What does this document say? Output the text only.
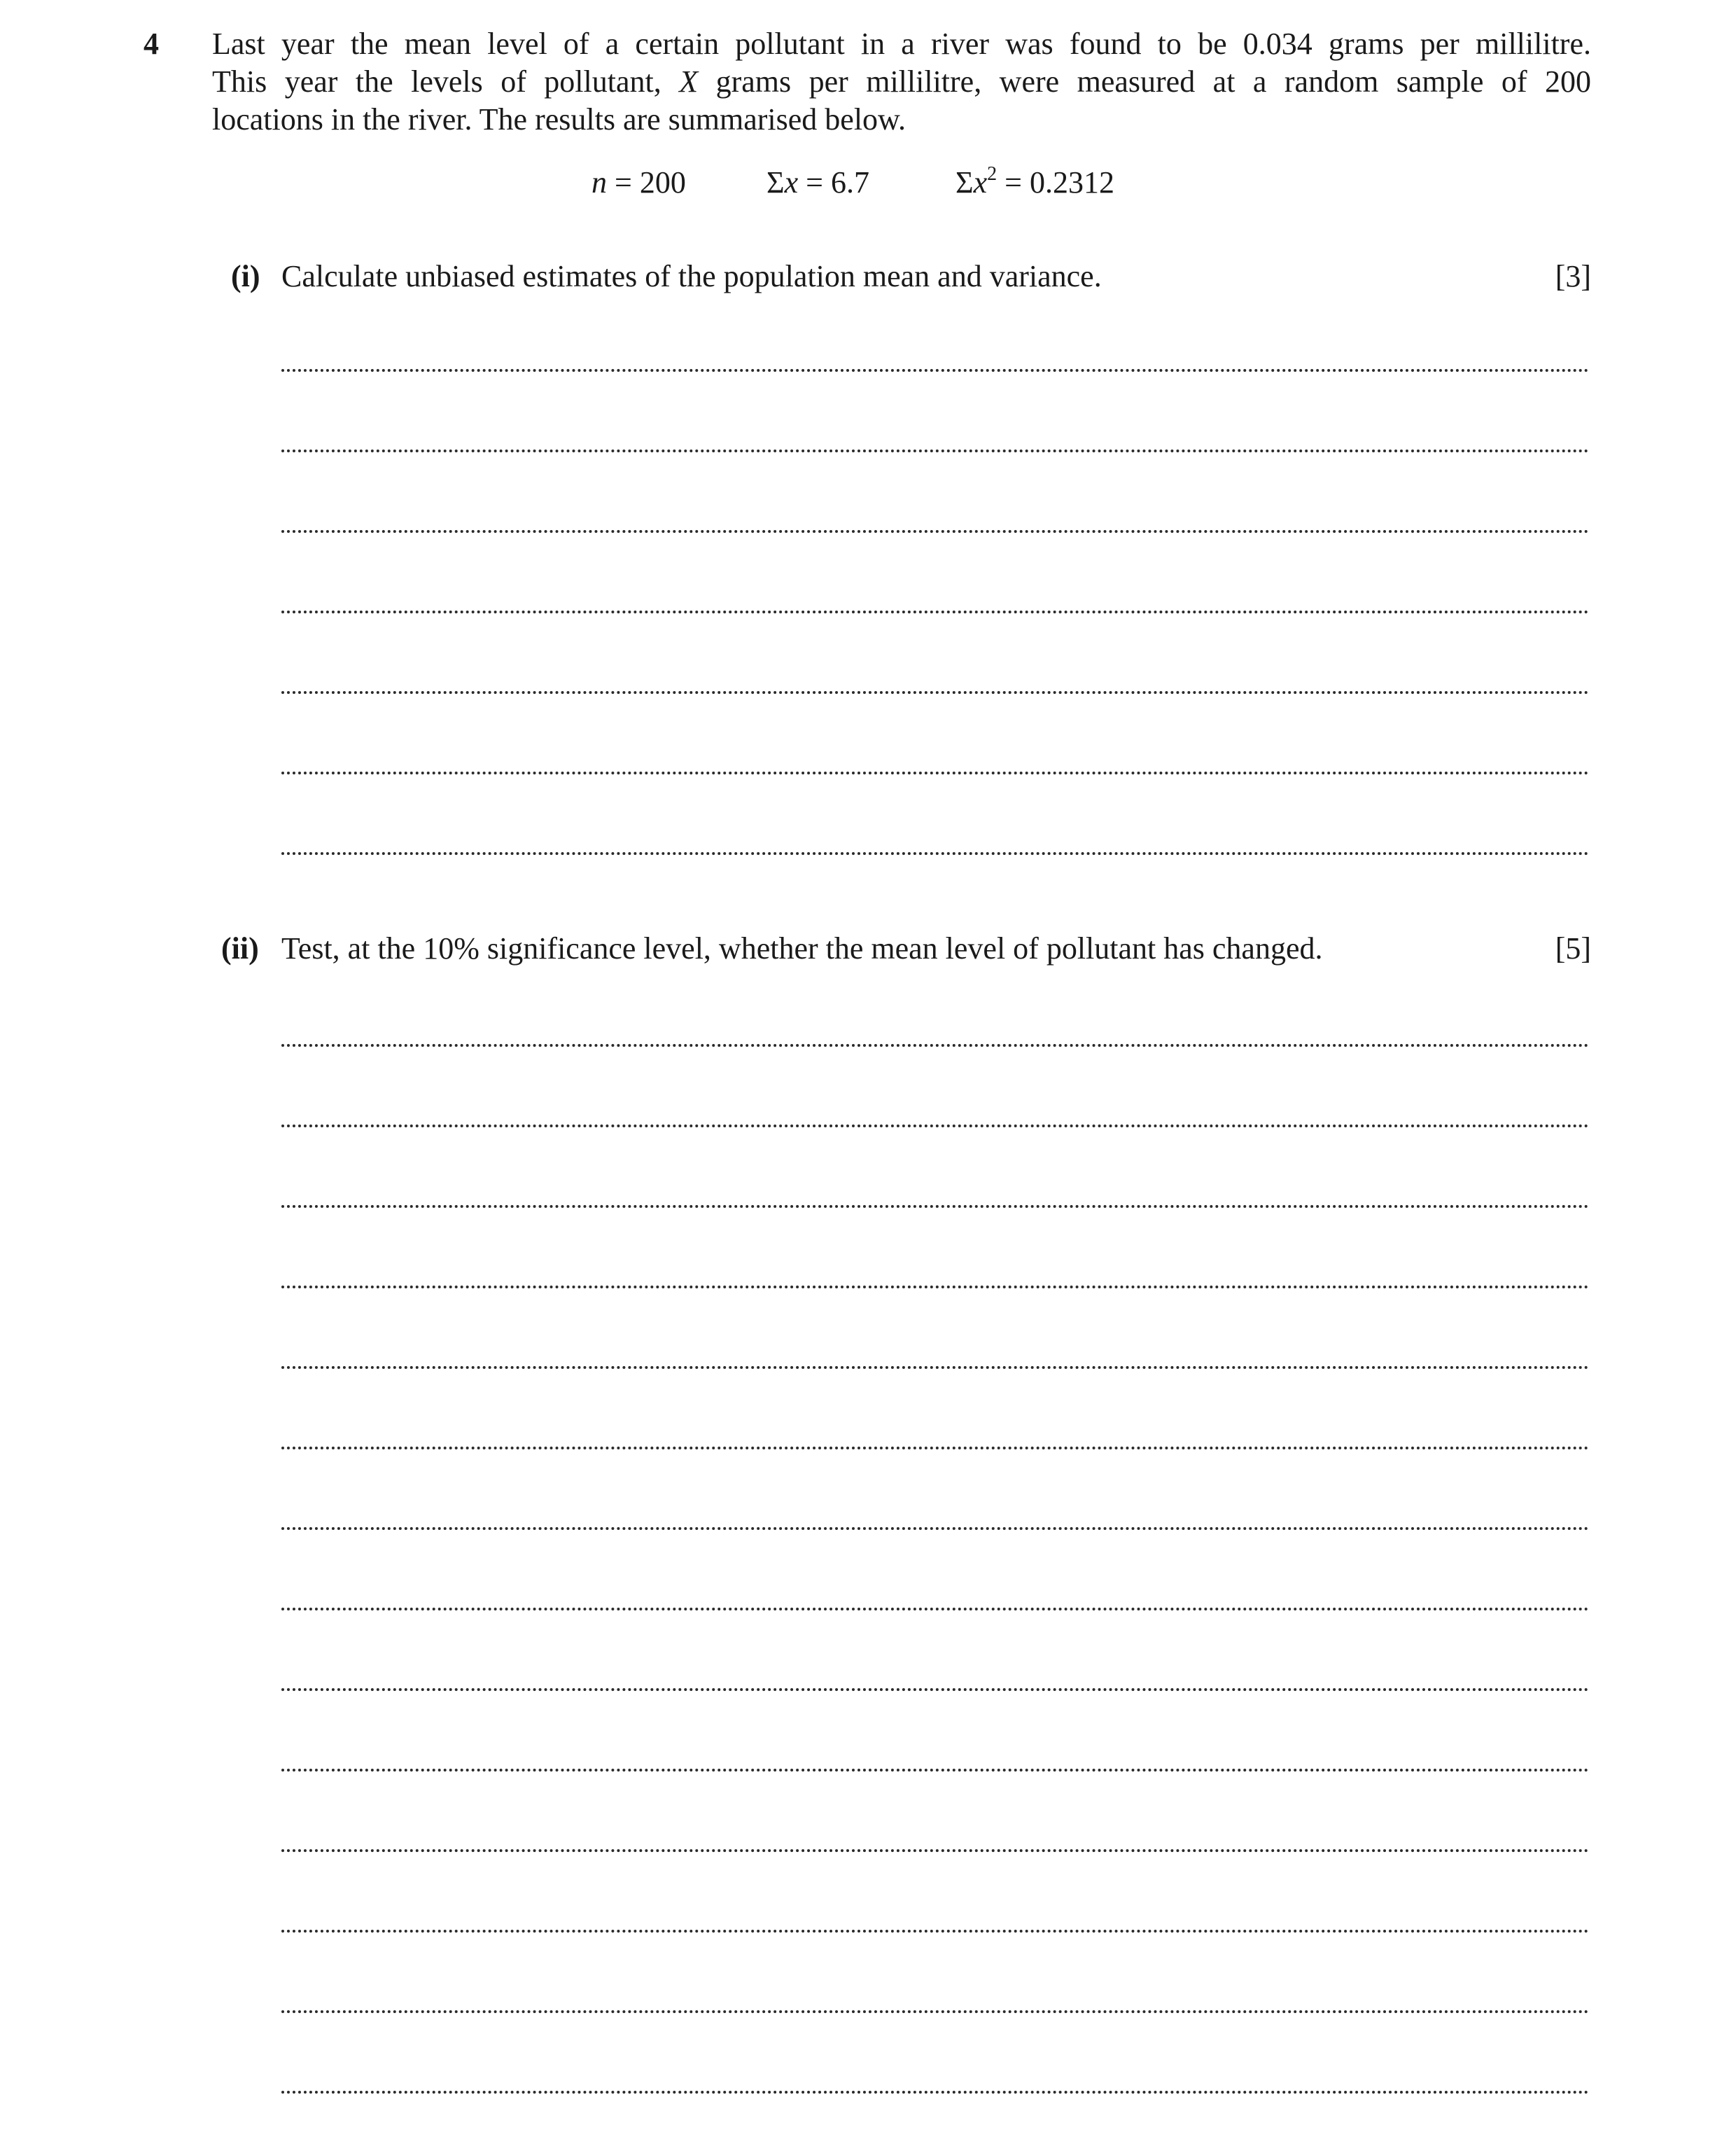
4 Last year the mean level of a certain pollutant in a river was found to be 0.034 grams per millilitre.
This year the levels of pollutant, X grams per millilitre, were measured at a random sample of 200
locations in the river. The results are summarised below.
n = 200	Σx = 6.7	$\Sigma x^2 = 0.2312$
(i) Calculate unbiased estimates of the population mean and variance.	[3]
(ii) Test, at the 10% significance level, whether the mean level of pollutant has changed.	[5]
